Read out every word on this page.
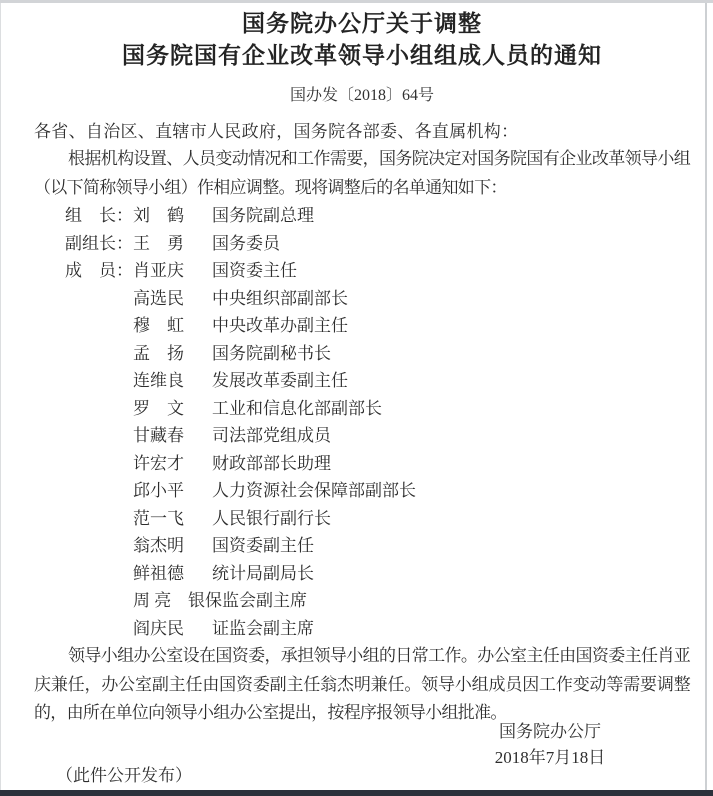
国务院办公厅关于调整
国务院国有企业改革领导小组组成人员的通知
国办发〔2018〕64号
各省、自治区、直辖市人民政府，国务院各部委、各直属机构：

根据机构设置、人员变动情况和工作需要，国务院决定对国务院国有企业改革领导小组（以下简称领导小组）作相应调整。现将调整后的名单通知如下：

组　长：刘　鹤 国务院副总理
副组长：王　勇 国务委员
成　员：肖亚庆 国资委主任
高选民 中央组织部副部长
穆　虹 中央改革办副主任
孟　扬 国务院副秘书长
连维良 发展改革委副主任
罗　文 工业和信息化部副部长
甘藏春 司法部党组成员
许宏才 财政部部长助理
邱小平 人力资源社会保障部副部长
范一飞 人民银行副行长
翁杰明 国资委副主任
鲜祖德 统计局副局长
周 亮 银保监会副主席
阎庆民 证监会副主席

领导小组办公室设在国资委，承担领导小组的日常工作。办公室主任由国资委主任肖亚庆兼任，办公室副主任由国资委副主任翁杰明兼任。领导小组成员因工作变动等需要调整的，由所在单位向领导小组办公室提出，按程序报领导小组批准。

国务院办公厅
2018年7月18日
（此件公开发布）
